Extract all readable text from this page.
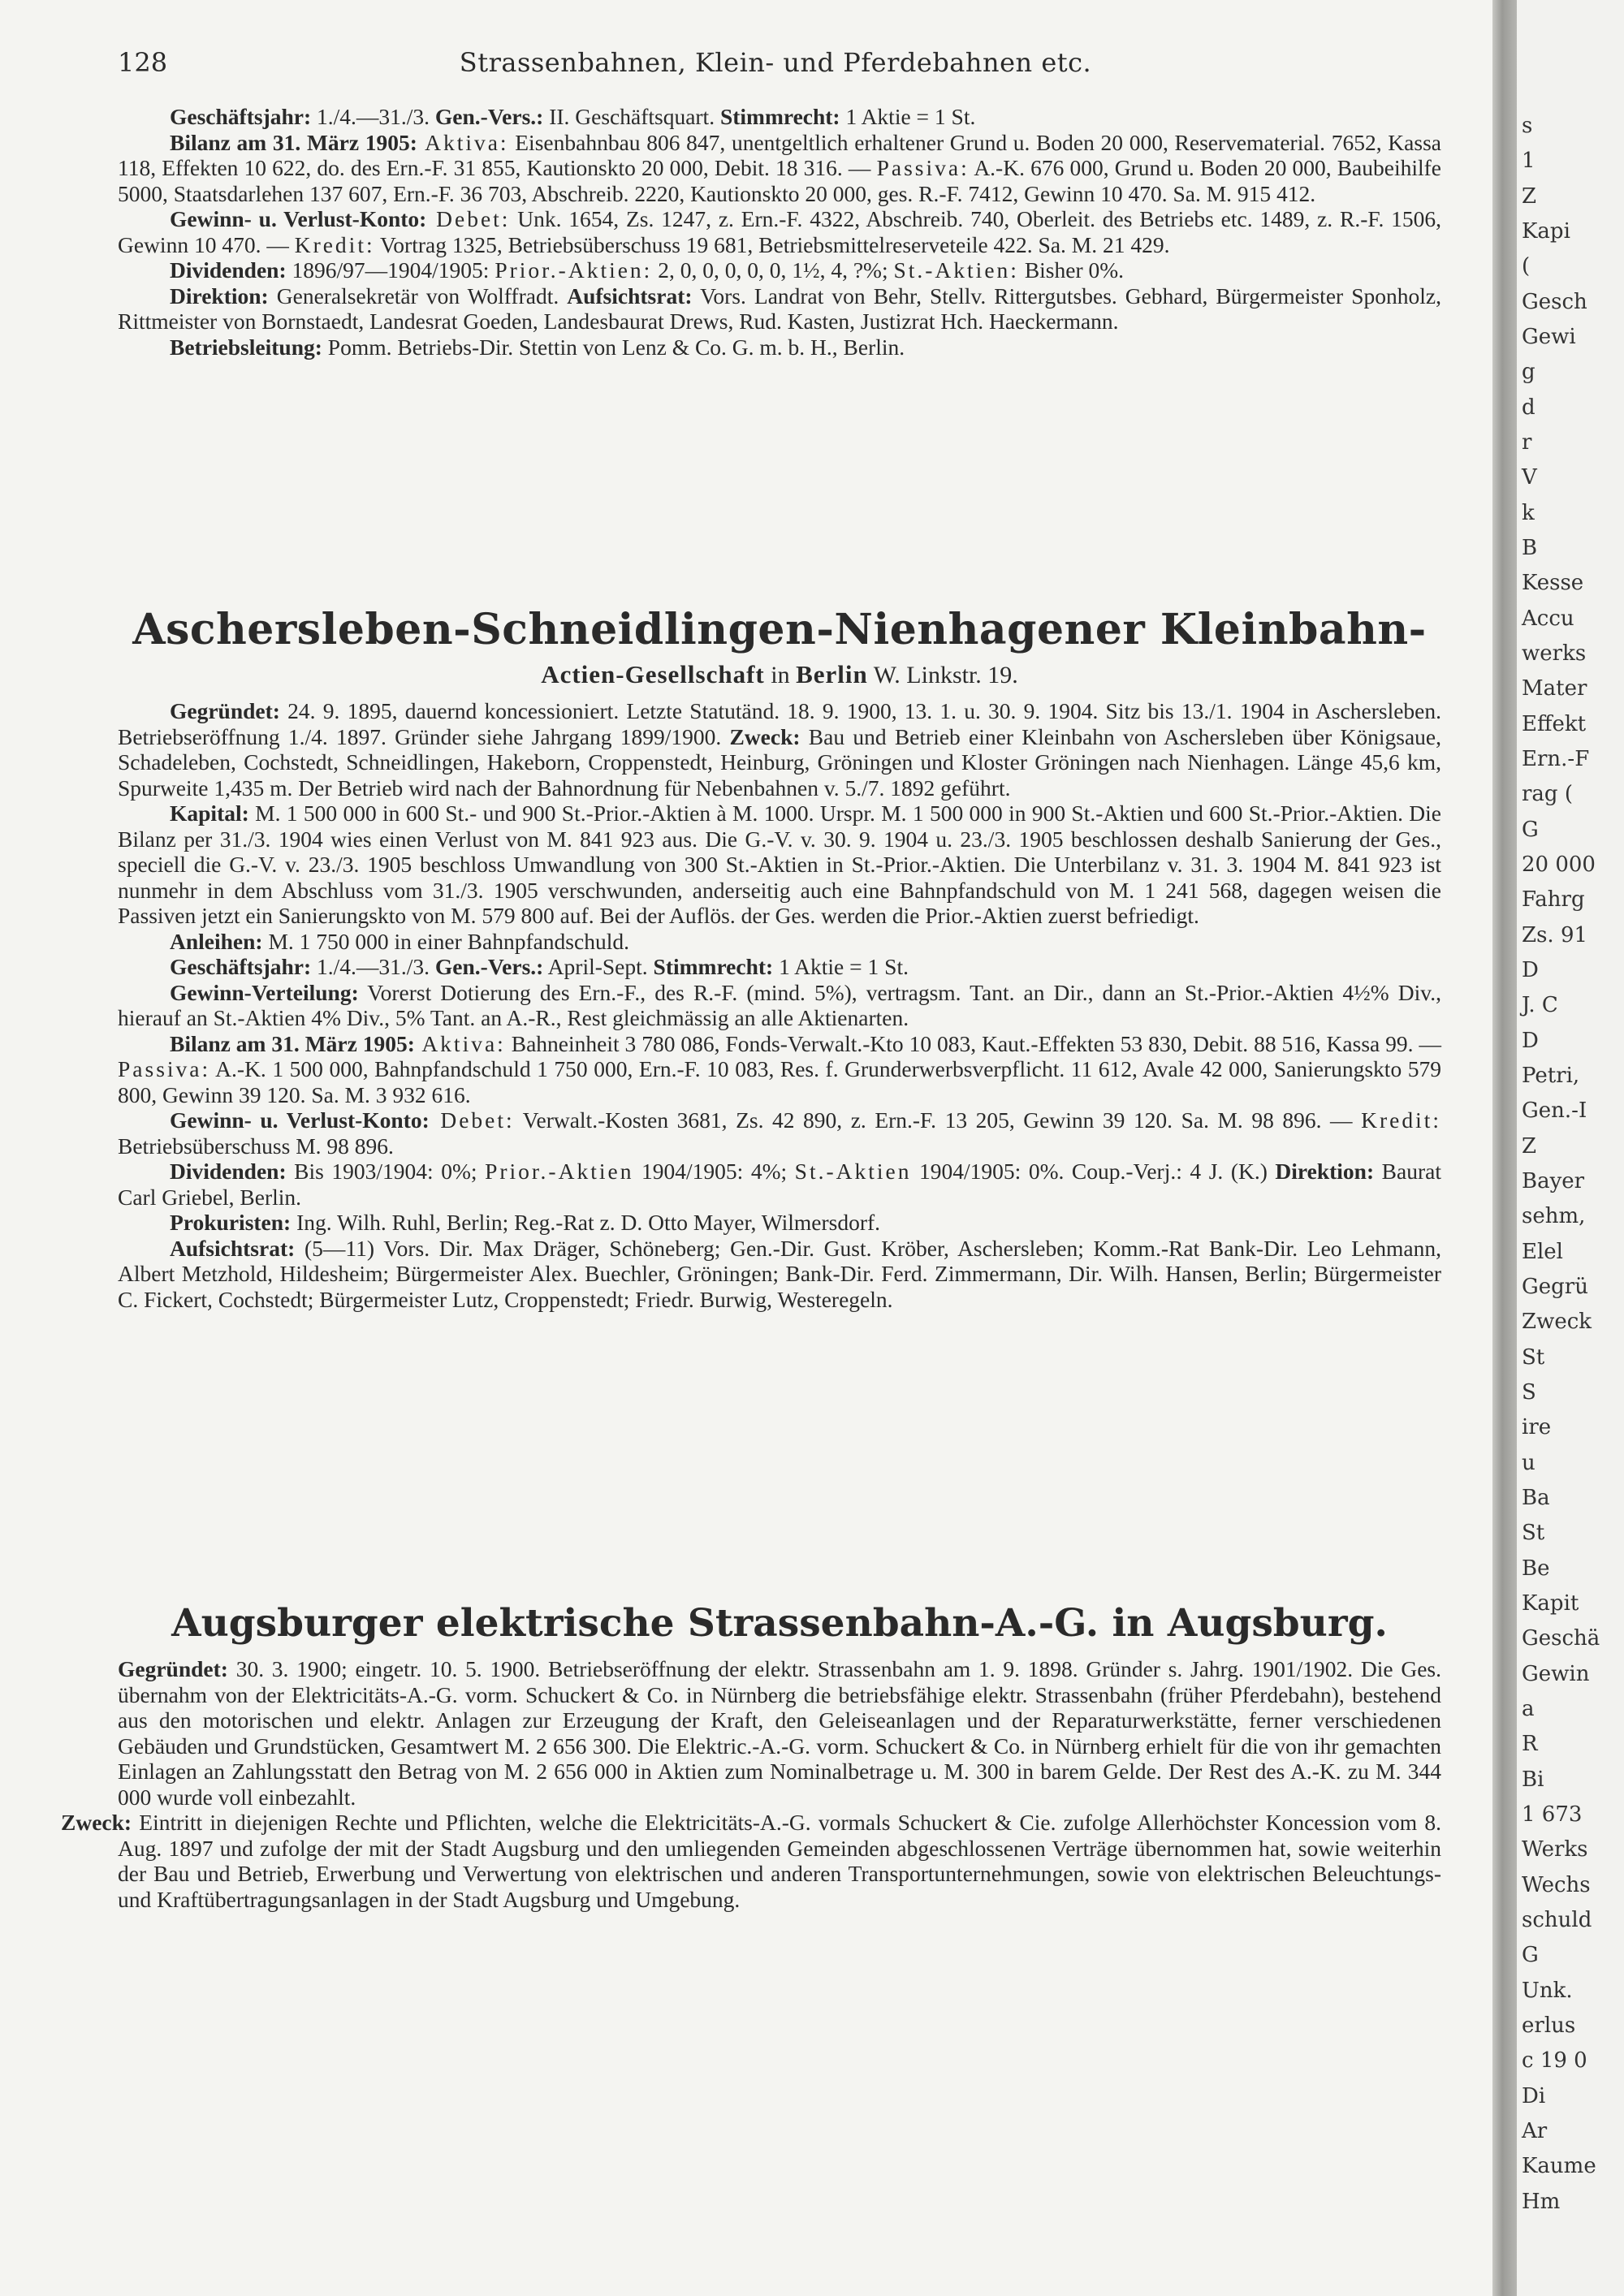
128	Strassenbahnen, Klein- und Pferdebahnen etc.

Geschäftsjahr: 1./4.—31./3. Gen.-Vers.: II. Geschäftsquart. Stimmrecht: 1 Aktie = 1 St.

Bilanz am 31. März 1905: Aktiva: Eisenbahnbau 806 847, unentgeltlich erhaltener Grund u. Boden 20 000, Reservematerial. 7652, Kassa 118, Effekten 10 622, do. des Ern.-F. 31 855, Kautionskto 20 000, Debit. 18 316. — Passiva: A.-K. 676 000, Grund u. Boden 20 000, Baubeihilfe 5000, Staatsdarlehen 137 607, Ern.-F. 36 703, Abschreib. 2220, Kautionskto 20 000, ges. R.-F. 7412, Gewinn 10 470. Sa. M. 915 412.

Gewinn- u. Verlust-Konto: Debet: Unk. 1654, Zs. 1247, z. Ern.-F. 4322, Abschreib. 740, Oberleit. des Betriebs etc. 1489, z. R.-F. 1506, Gewinn 10 470. — Kredit: Vortrag 1325, Betriebsüberschuss 19 681, Betriebsmittelreserveteile 422. Sa. M. 21 429.

Dividenden: 1896/97—1904/1905: Prior.-Aktien: 2, 0, 0, 0, 0, 0, 1½, 4, ?%; St.-Aktien: Bisher 0%.

Direktion: Generalsekretär von Wolffradt. Aufsichtsrat: Vors. Landrat von Behr, Stellv. Rittergutsbes. Gebhard, Bürgermeister Sponholz, Rittmeister von Bornstaedt, Landesrat Goeden, Landesbaurat Drews, Rud. Kasten, Justizrat Hch. Haeckermann.

Betriebsleitung: Pomm. Betriebs-Dir. Stettin von Lenz & Co. G. m. b. H., Berlin.

Aschersleben-Schneidlingen-Nienhagener Kleinbahn-
Actien-Gesellschaft in Berlin W. Linkstr. 19.

Gegründet: 24. 9. 1895, dauernd koncessioniert. Letzte Statutänd. 18. 9. 1900, 13. 1. u. 30. 9. 1904. Sitz bis 13./1. 1904 in Aschersleben. Betriebseröffnung 1./4. 1897. Gründer siehe Jahrgang 1899/1900. Zweck: Bau und Betrieb einer Kleinbahn von Aschersleben über Königsaue, Schadeleben, Cochstedt, Schneidlingen, Hakeborn, Croppenstedt, Heinburg, Gröningen und Kloster Gröningen nach Nienhagen. Länge 45,6 km, Spurweite 1,435 m. Der Betrieb wird nach der Bahnordnung für Nebenbahnen v. 5./7. 1892 geführt.

Kapital: M. 1 500 000 in 600 St.- und 900 St.-Prior.-Aktien à M. 1000. Urspr. M. 1 500 000 in 900 St.-Aktien und 600 St.-Prior.-Aktien. Die Bilanz per 31./3. 1904 wies einen Verlust von M. 841 923 aus. Die G.-V. v. 30. 9. 1904 u. 23./3. 1905 beschlossen deshalb Sanierung der Ges., speciell die G.-V. v. 23./3. 1905 beschloss Umwandlung von 300 St.-Aktien in St.-Prior.-Aktien. Die Unterbilanz v. 31. 3. 1904 M. 841 923 ist nunmehr in dem Abschluss vom 31./3. 1905 verschwunden, anderseitig auch eine Bahnpfandschuld von M. 1 241 568, dagegen weisen die Passiven jetzt ein Sanierungskto von M. 579 800 auf. Bei der Auflös. der Ges. werden die Prior.-Aktien zuerst befriedigt.

Anleihen: M. 1 750 000 in einer Bahnpfandschuld.

Geschäftsjahr: 1./4.—31./3. Gen.-Vers.: April-Sept. Stimmrecht: 1 Aktie = 1 St.

Gewinn-Verteilung: Vorerst Dotierung des Ern.-F., des R.-F. (mind. 5%), vertragsm. Tant. an Dir., dann an St.-Prior.-Aktien 4½% Div., hierauf an St.-Aktien 4% Div., 5% Tant. an A.-R., Rest gleichmässig an alle Aktienarten.

Bilanz am 31. März 1905: Aktiva: Bahneinheit 3 780 086, Fonds-Verwalt.-Kto 10 083, Kaut.-Effekten 53 830, Debit. 88 516, Kassa 99. — Passiva: A.-K. 1 500 000, Bahnpfandschuld 1 750 000, Ern.-F. 10 083, Res. f. Grunderwerbsverpflicht. 11 612, Avale 42 000, Sanierungskto 579 800, Gewinn 39 120. Sa. M. 3 932 616.

Gewinn- u. Verlust-Konto: Debet: Verwalt.-Kosten 3681, Zs. 42 890, z. Ern.-F. 13 205, Gewinn 39 120. Sa. M. 98 896. — Kredit: Betriebsüberschuss M. 98 896.

Dividenden: Bis 1903/1904: 0%; Prior.-Aktien 1904/1905: 4%; St.-Aktien 1904/1905: 0%. Coup.-Verj.: 4 J. (K.) Direktion: Baurat Carl Griebel, Berlin.

Prokuristen: Ing. Wilh. Ruhl, Berlin; Reg.-Rat z. D. Otto Mayer, Wilmersdorf.

Aufsichtsrat: (5—11) Vors. Dir. Max Dräger, Schöneberg; Gen.-Dir. Gust. Kröber, Aschersleben; Komm.-Rat Bank-Dir. Leo Lehmann, Albert Metzhold, Hildesheim; Bürgermeister Alex. Buechler, Gröningen; Bank-Dir. Ferd. Zimmermann, Dir. Wilh. Hansen, Berlin; Bürgermeister C. Fickert, Cochstedt; Bürgermeister Lutz, Croppenstedt; Friedr. Burwig, Westeregeln.

Augsburger elektrische Strassenbahn-A.-G. in Augsburg.

Gegründet: 30. 3. 1900; eingetr. 10. 5. 1900. Betriebseröffnung der elektr. Strassenbahn am 1. 9. 1898. Gründer s. Jahrg. 1901/1902. Die Ges. übernahm von der Elektricitäts-A.-G. vorm. Schuckert & Co. in Nürnberg die betriebsfähige elektr. Strassenbahn (früher Pferdebahn), bestehend aus den motorischen und elektr. Anlagen zur Erzeugung der Kraft, den Geleiseanlagen und der Reparaturwerkstätte, ferner verschiedenen Gebäuden und Grundstücken, Gesamtwert M. 2 656 300. Die Elektric.-A.-G. vorm. Schuckert & Co. in Nürnberg erhielt für die von ihr gemachten Einlagen an Zahlungsstatt den Betrag von M. 2 656 000 in Aktien zum Nominalbetrage u. M. 300 in barem Gelde. Der Rest des A.-K. zu M. 344 000 wurde voll einbezahlt.

Zweck: Eintritt in diejenigen Rechte und Pflichten, welche die Elektricitäts-A.-G. vormals Schuckert & Cie. zufolge Allerhöchster Koncession vom 8. Aug. 1897 und zufolge der mit der Stadt Augsburg und den umliegenden Gemeinden abgeschlossenen Verträge übernommen hat, sowie weiterhin der Bau und Betrieb, Erwerbung und Verwertung von elektrischen und anderen Transportunternehmungen, sowie von elektrischen Beleuchtungs- und Kraftübertragungsanlagen in der Stadt Augsburg und Umgebung.

s
1
Z
Kapi
(
Gesch
Gewi
g
d
r
V
k
B
Kesse
Accu
werks
Mater
Effekt
Ern.-F
rag (
G
20 000
Fahrg
Zs. 91
D
J. C
D
Petri,
Gen.-I
Z
Bayer
sehm,
Elel
Gegrü
Zweck
St
S
ire
u
Ba
St
Be
Kapit
Geschä
Gewin
a
R
Bi
1 673
Werks
Wechs
schuld
G
Unk.
erlus
c 19 0
Di
Ar
Kaume
Hm
